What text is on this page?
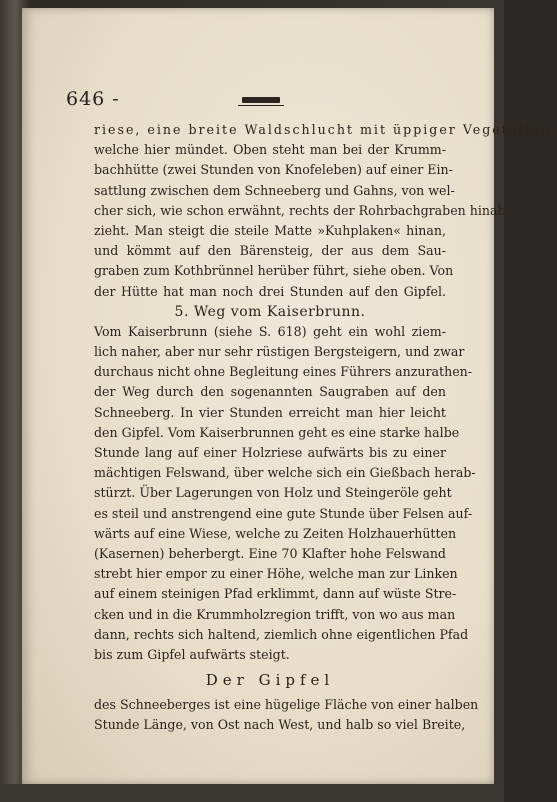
646 -
riese, eine breite Waldschlucht mit üppiger Vegetation,
welche hier mündet. Oben steht man bei der Krumm-
bachhütte (zwei Stunden von Knofeleben) auf einer Ein-
sattlung zwischen dem Schneeberg und Gahns, von wel-
cher sich, wie schon erwähnt, rechts der Rohrbachgraben hinab,
zieht. Man steigt die steile Matte »Kuhplaken« hinan,
und kömmt auf den Bärensteig, der aus dem Sau-
graben zum Kothbrünnel herüber führt, siehe oben. Von
der Hütte hat man noch drei Stunden auf den Gipfel.
5. Weg vom Kaiserbrunn.
Vom Kaiserbrunn (siehe S. 618) geht ein wohl ziem-
lich naher, aber nur sehr rüstigen Bergsteigern, und zwar
durchaus nicht ohne Begleitung eines Führers anzurathen-
der Weg durch den sogenannten Saugraben auf den
Schneeberg. In vier Stunden erreicht man hier leicht
den Gipfel. Vom Kaiserbrunnen geht es eine starke halbe
Stunde lang auf einer Holzriese aufwärts bis zu einer
mächtigen Felswand, über welche sich ein Gießbach herab-
stürzt. Über Lagerungen von Holz und Steingeröle geht
es steil und anstrengend eine gute Stunde über Felsen auf-
wärts auf eine Wiese, welche zu Zeiten Holzhauerhütten
(Kasernen) beherbergt. Eine 70 Klafter hohe Felswand
strebt hier empor zu einer Höhe, welche man zur Linken
auf einem steinigen Pfad erklimmt, dann auf wüste Stre-
cken und in die Krummholzregion trifft, von wo aus man
dann, rechts sich haltend, ziemlich ohne eigentlichen Pfad
bis zum Gipfel aufwärts steigt.
Der Gipfel
des Schneeberges ist eine hügelige Fläche von einer halben
Stunde Länge, von Ost nach West, und halb so viel Breite,
